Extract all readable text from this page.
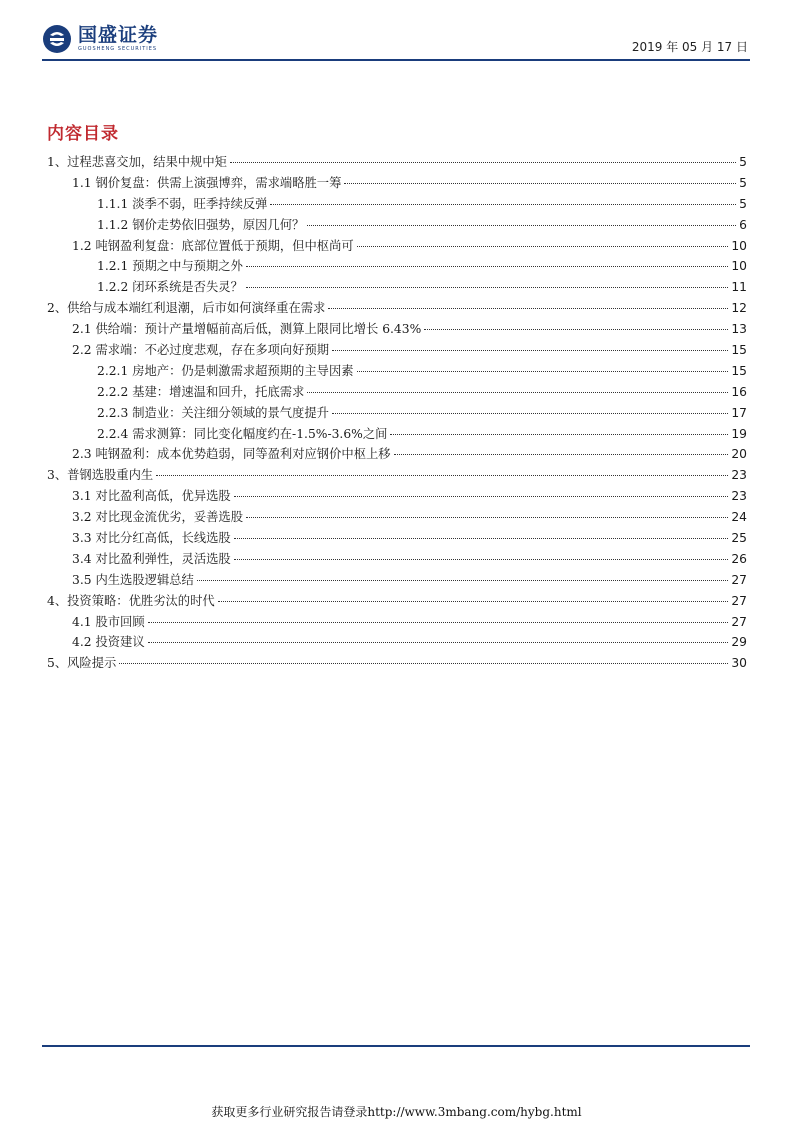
国盛证券
GUOSHENG SECURITIES	2019 年 05 月 17 日
内容目录
1、过程悲喜交加，结果中规中矩	5
1.1 钢价复盘：供需上演强博弈，需求端略胜一筹	5
1.1.1 淡季不弱，旺季持续反弹	5
1.1.2 钢价走势依旧强势，原因几何？	6
1.2 吨钢盈利复盘：底部位置低于预期，但中枢尚可	10
1.2.1 预期之中与预期之外	10
1.2.2 闭环系统是否失灵？	11
2、供给与成本端红利退潮，后市如何演绎重在需求	12
2.1 供给端：预计产量增幅前高后低，测算上限同比增长 6.43%	13
2.2 需求端：不必过度悲观，存在多项向好预期	15
2.2.1 房地产：仍是刺激需求超预期的主导因素	15
2.2.2 基建：增速温和回升，托底需求	16
2.2.3 制造业：关注细分领域的景气度提升	17
2.2.4 需求测算：同比变化幅度约在-1.5%-3.6%之间	19
2.3 吨钢盈利：成本优势趋弱，同等盈利对应钢价中枢上移	20
3、普钢选股重内生	23
3.1 对比盈利高低，优异选股	23
3.2 对比现金流优劣，妥善选股	24
3.3 对比分红高低，长线选股	25
3.4 对比盈利弹性，灵活选股	26
3.5 内生选股逻辑总结	27
4、投资策略：优胜劣汰的时代	27
4.1 股市回顾	27
4.2 投资建议	29
5、风险提示	30
获取更多行业研究报告请登录http://www.3mbang.com/hybg.html
